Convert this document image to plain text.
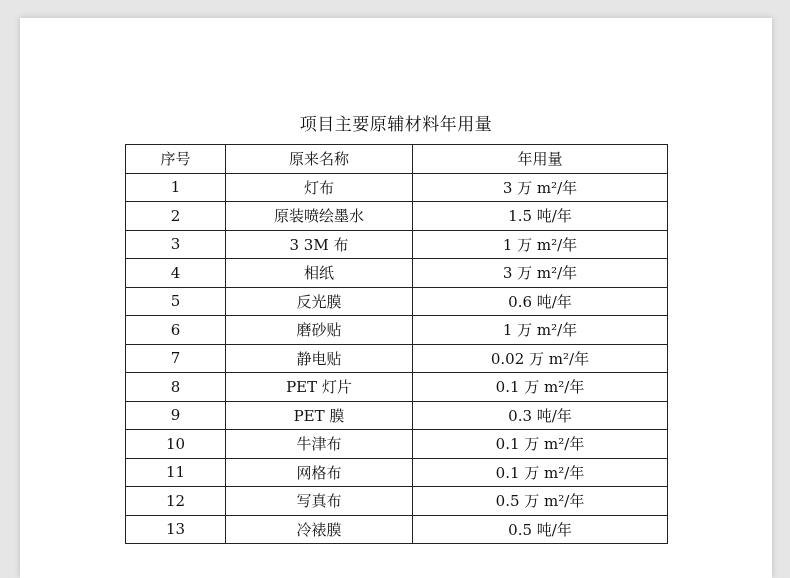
项目主要原辅材料年用量
序号	原来名称	年用量
1	灯布	3 万 m²/年
2	原装喷绘墨水	1.5 吨/年
3	3 3M 布	1 万 m²/年
4	相纸	3 万 m²/年
5	反光膜	0.6 吨/年
6	磨砂贴	1 万 m²/年
7	静电贴	0.02 万 m²/年
8	PET 灯片	0.1 万 m²/年
9	PET 膜	0.3 吨/年
10	牛津布	0.1 万 m²/年
11	网格布	0.1 万 m²/年
12	写真布	0.5 万 m²/年
13	冷裱膜	0.5 吨/年
